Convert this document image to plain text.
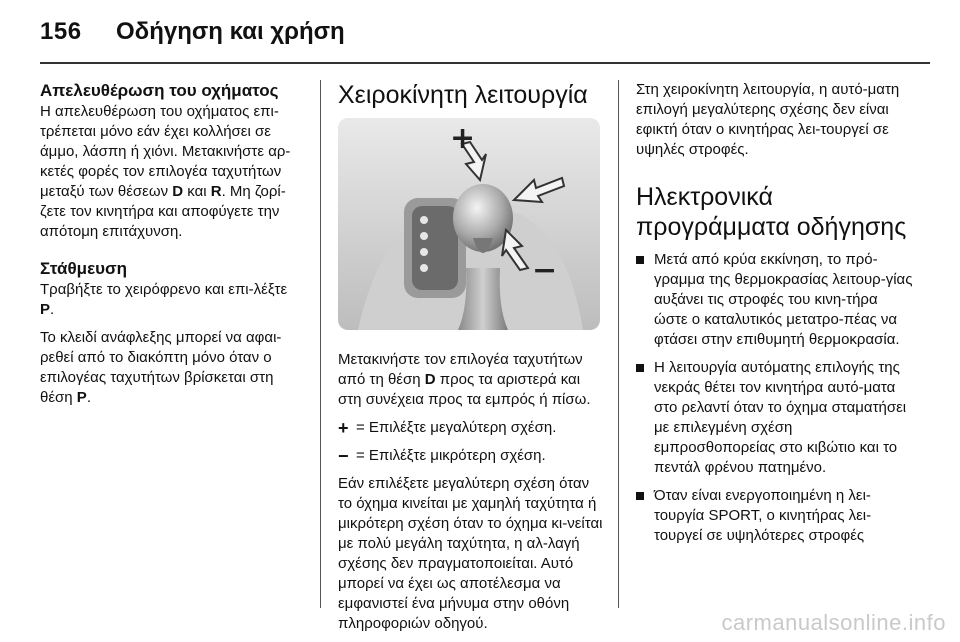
156 Οδήγηση και χρήση
Απελευθέρωση του οχήματος

Η απελευθέρωση του οχήματος επι-τρέπεται μόνο εάν έχει κολλήσει σε άμμο, λάσπη ή χιόνι. Μετακινήστε αρ-κετές φορές τον επιλογέα ταχυτήτων μεταξύ των θέσεων D και R. Μη ζορί-ζετε τον κινητήρα και αποφύγετε την απότομη επιτάχυνση.

Στάθμευση

Τραβήξτε το χειρόφρενο και επι-λέξτε P.

Το κλειδί ανάφλεξης μπορεί να αφαι-ρεθεί από το διακόπτη μόνο όταν ο επιλογέας ταχυτήτων βρίσκεται στη θέση P.

Χειροκίνητη λειτουργία
+
−

Μετακινήστε τον επιλογέα ταχυτήτων από τη θέση D προς τα αριστερά και στη συνέχεια προς τα εμπρός ή πίσω.

+ = Επιλέξτε μεγαλύτερη σχέση.
− = Επιλέξτε μικρότερη σχέση.

Εάν επιλέξετε μεγαλύτερη σχέση όταν το όχημα κινείται με χαμηλή ταχύτητα ή μικρότερη σχέση όταν το όχημα κι-νείται με πολύ μεγάλη ταχύτητα, η αλ-λαγή σχέσης δεν πραγματοποιείται. Αυτό μπορεί να έχει ως αποτέλεσμα να εμφανιστεί ένα μήνυμα στην οθόνη πληροφοριών οδηγού.

Στη χειροκίνητη λειτουργία, η αυτό-ματη επιλογή μεγαλύτερης σχέσης δεν είναι εφικτή όταν ο κινητήρας λει-τουργεί σε υψηλές στροφές.

Ηλεκτρονικά προγράμματα οδήγησης
Μετά από κρύα εκκίνηση, το πρό-γραμμα της θερμοκρασίας λειτουρ-γίας αυξάνει τις στροφές του κινη-τήρα ώστε ο καταλυτικός μετατρο-πέας να φτάσει στην επιθυμητή θερμοκρασία.
Η λειτουργία αυτόματης επιλογής της νεκράς θέτει τον κινητήρα αυτό-ματα στο ρελαντί όταν το όχημα σταματήσει με επιλεγμένη σχέση εμπροσθοπορείας στο κιβώτιο και το πεντάλ φρένου πατημένο.
Όταν είναι ενεργοποιημένη η λει-τουργία SPORT, ο κινητήρας λει-τουργεί σε υψηλότερες στροφές
carmanualsonline.info
